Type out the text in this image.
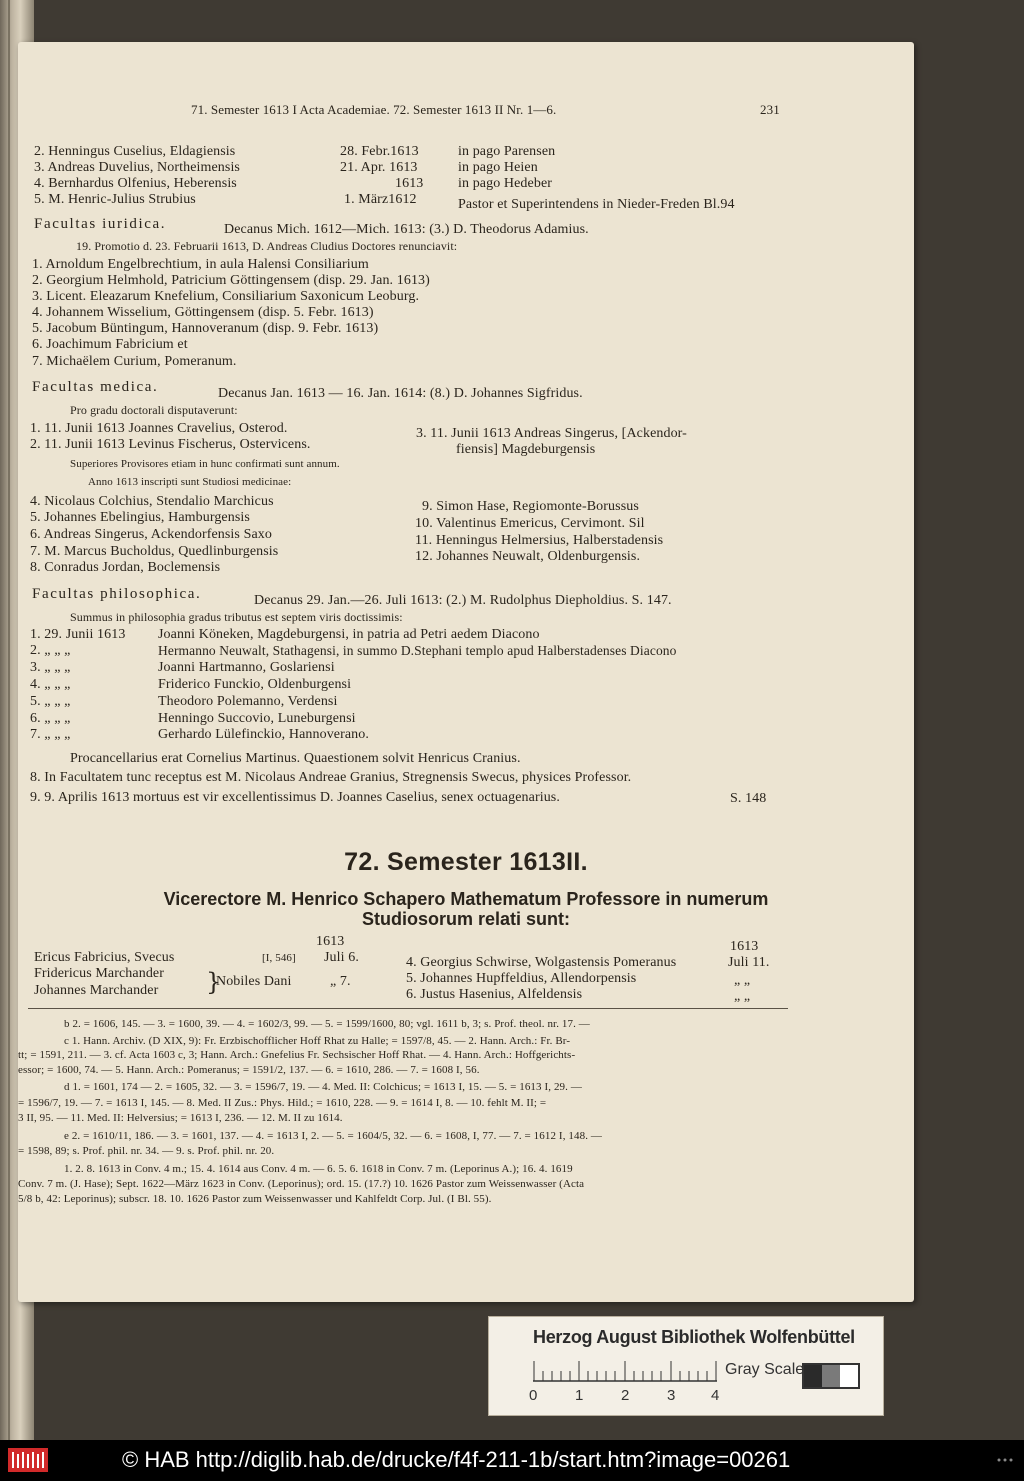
71. Semester 1613 I Acta Academiae. 72. Semester 1613 II Nr. 1—6.	231
2. Henningus Cuselius, Eldagiensis	28. Febr.1613	in pago Parensen
3. Andreas Duvelius, Northeimensis	21. Apr. 1613	in pago Heien
4. Bernhardus Olfenius, Heberensis	1613 in pago Hedeber
5. M. Henric-Julius Strubius	1. März1612	Pastor et Superintendens in Nieder-Freden Bl.94
Facultas iuridica.	Decanus Mich. 1612—Mich. 1613: (3.) D. Theodorus Adamius.
19. Promotio d. 23. Februarii 1613, D. Andreas Cludius Doctores renunciavit:
1. Arnoldum Engelbrechtium, in aula Halensi Consiliarium
2. Georgium Helmhold, Patricium Göttingensem (disp. 29. Jan. 1613)
3. Licent. Eleazarum Knefelium, Consiliarium Saxonicum Leoburg.
4. Johannem Wisselium, Göttingensem (disp. 5. Febr. 1613)
5. Jacobum Büntingum, Hannoveranum (disp. 9. Febr. 1613)
6. Joachimum Fabricium et
7. Michaëlem Curium, Pomeranum.
Facultas medica.	Decanus Jan. 1613 — 16. Jan. 1614: (8.) D. Johannes Sigfridus.
Pro gradu doctorali disputaverunt:
1. 11. Junii 1613 Joannes Cravelius, Osterod.
2. 11. Junii 1613 Levinus Fischerus, Ostervicens.
3. 11. Junii 1613 Andreas Singerus, [Ackendor-
fiensis] Magdeburgensis
Superiores Provisores etiam in hunc confirmati sunt annum.
Anno 1613 inscripti sunt Studiosi medicinae:
4. Nicolaus Colchius, Stendalio Marchicus
5. Johannes Ebelingius, Hamburgensis
6. Andreas Singerus, Ackendorfensis Saxo
7. M. Marcus Bucholdus, Quedlinburgensis
8. Conradus Jordan, Boclemensis
9. Simon Hase, Regiomonte-Borussus
10. Valentinus Emericus, Cervimont. Sil
11. Henningus Helmersius, Halberstadensis
12. Johannes Neuwalt, Oldenburgensis.
Facultas philosophica.	Decanus 29. Jan.—26. Juli 1613: (2.) M. Rudolphus Diepholdius. S. 147.
Summus in philosophia gradus tributus est septem viris doctissimis:
1. 29. Junii 1613 Joanni Köneken, Magdeburgensi, in patria ad Petri aedem Diacono
2. „ „ „	Hermanno Neuwalt, Stathagensi, in summo D.Stephani templo apud Halberstadenses Diacono
3. „ „ „	Joanni Hartmanno, Goslariensi
4. „ „ „	Friderico Funckio, Oldenburgensi
5. „ „ „	Theodoro Polemanno, Verdensi
6. „ „ „	Henningo Succovio, Luneburgensi
7. „ „ „	Gerhardo Lülefinckio, Hannoverano.
Procancellarius erat Cornelius Martinus. Quaestionem solvit Henricus Cranius.
8. In Facultatem tunc receptus est M. Nicolaus Andreae Granius, Stregnensis Swecus, physices Professor.
9. 9. Aprilis 1613 mortuus est vir excellentissimus D. Joannes Caselius, senex octuagenarius.	S. 148
72. Semester 1613II.
Vicerectore M. Henrico Schapero Mathematum Professore in numerum
Studiosorum relati sunt:
1613	1613
Ericus Fabricius, Svecus	[I, 546] Juli 6.
Fridericus Marchander
Johannes Marchander }
Nobiles Dani	„ 7.
4. Georgius Schwirse, Wolgastensis Pomeranus	Juli 11.
5. Johannes Hupffeldius, Allendorpensis	„ „
6. Justus Hasenius, Alfeldensis	„ „
b 2. = 1606, 145. — 3. = 1600, 39. — 4. = 1602/3, 99. — 5. = 1599/1600, 80; vgl. 1611 b, 3; s. Prof. theol. nr. 17. —
c 1. Hann. Archiv. (D XIX, 9): Fr. Erzbischofflicher Hoff Rhat zu Halle; = 1597/8, 45. — 2. Hann. Arch.: Fr. Br-
tt; = 1591, 211. — 3. cf. Acta 1603 c, 3; Hann. Arch.: Gnefelius Fr. Sechsischer Hoff Rhat. — 4. Hann. Arch.: Hoffgerichts-
essor; = 1600, 74. — 5. Hann. Arch.: Pomeranus; = 1591/2, 137. — 6. = 1610, 286. — 7. = 1608 I, 56.
d 1. = 1601, 174 — 2. = 1605, 32. — 3. = 1596/7, 19. — 4. Med. II: Colchicus; = 1613 I, 15. — 5. = 1613 I, 29. —
= 1596/7, 19. — 7. = 1613 I, 145. — 8. Med. II Zus.: Phys. Hild.; = 1610, 228. — 9. = 1614 I, 8. — 10. fehlt M. II; =
3 II, 95. — 11. Med. II: Helversius; = 1613 I, 236. — 12. M. II zu 1614.
e 2. = 1610/11, 186. — 3. = 1601, 137. — 4. = 1613 I, 2. — 5. = 1604/5, 32. — 6. = 1608, I, 77. — 7. = 1612 I, 148. —
= 1598, 89; s. Prof. phil. nr. 34. — 9. s. Prof. phil. nr. 20.
1. 2. 8. 1613 in Conv. 4 m.; 15. 4. 1614 aus Conv. 4 m. — 6. 5. 6. 1618 in Conv. 7 m. (Leporinus A.); 16. 4. 1619
Conv. 7 m. (J. Hase); Sept. 1622—März 1623 in Conv. (Leporinus); ord. 15. (17.?) 10. 1626 Pastor zum Weissenwasser (Acta
5/8 b, 42: Leporinus); subscr. 18. 10. 1626 Pastor zum Weissenwasser und Kahlfeldt Corp. Jul. (I Bl. 55).
Herzog August Bibliothek Wolfenbüttel
0	1	2	3 4
Gray Scale
© HAB http://diglib.hab.de/drucke/f4f-211-1b/start.htm?image=00261
